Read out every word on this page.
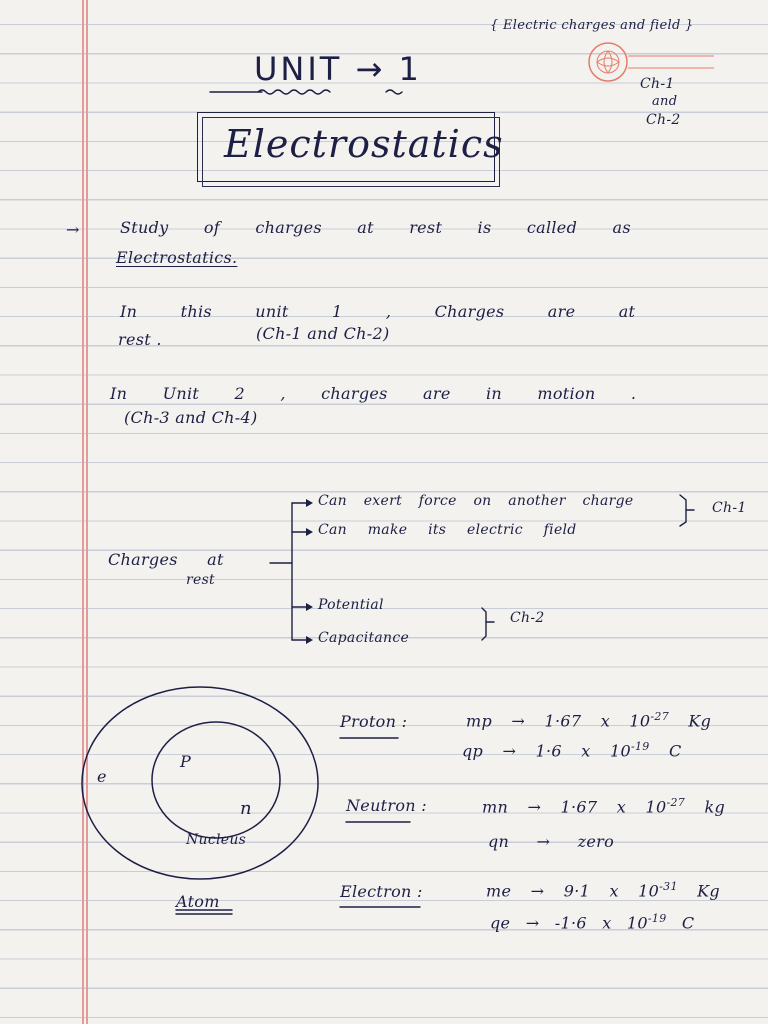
{ Electric charges and field }
Ch-1
and
Ch-2
UNIT → 1
Electrostatics
→	Study of charges at rest is called as
Electrostatics.
In this unit 1 , Charges are at
rest .	(Ch-1 and Ch-2)
In Unit 2 , charges are in motion .
(Ch-3 and Ch-4)
Charges at
rest
Can exert force on another charge
Can make its electric field
Potential
Capacitance
Ch-1
Ch-2
e
P
n
Nucleus
Atom
Proton :	mp → 1·67 x $10^{-27}$ Kg
qp → 1·6 x $10^{-19}$ C
Neutron :	mn → 1·67 x $10^{-27}$ kg
qn → zero
Electron :	me → 9·1 x $10^{-31}$ Kg
qe → -1·6 x $10^{-19}$ C
